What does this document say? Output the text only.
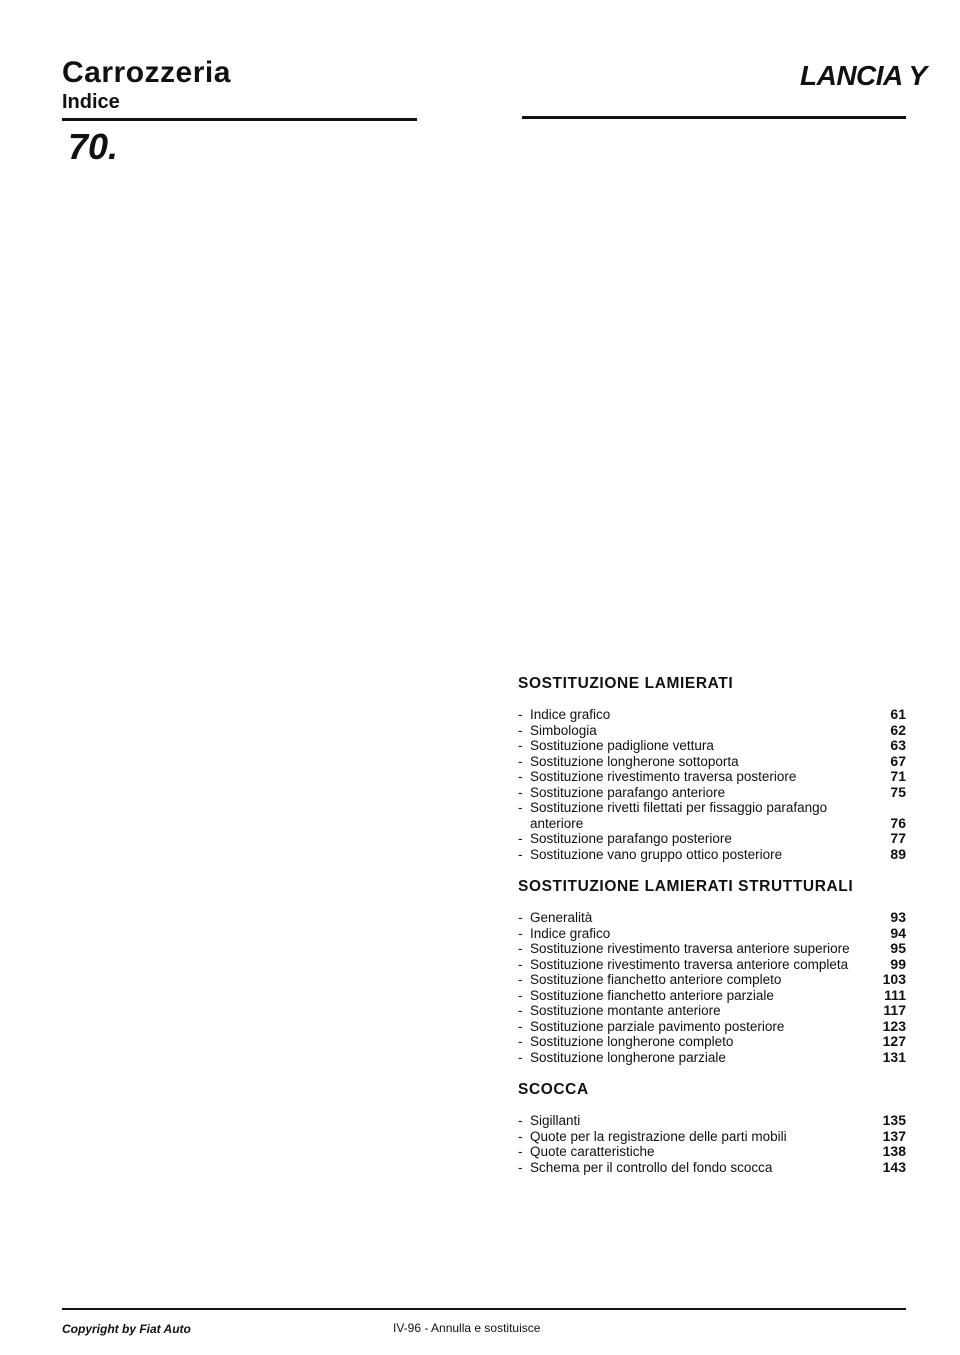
Carrozzeria
Indice
70.
LANCIA Y
SOSTITUZIONE LAMIERATI
- Indice grafico	61
- Simbologia	62
- Sostituzione padiglione vettura	63
- Sostituzione longherone sottoporta	67
- Sostituzione rivestimento traversa posteriore	71
- Sostituzione parafango anteriore	75
- Sostituzione rivetti filettati per fissaggio parafango anteriore	76
- Sostituzione parafango posteriore	77
- Sostituzione vano gruppo ottico posteriore	89
SOSTITUZIONE LAMIERATI STRUTTURALI
- Generalità	93
- Indice grafico	94
- Sostituzione rivestimento traversa anteriore superiore	95
- Sostituzione rivestimento traversa anteriore completa	99
- Sostituzione fianchetto anteriore completo	103
- Sostituzione fianchetto anteriore parziale	111
- Sostituzione montante anteriore	117
- Sostituzione parziale pavimento posteriore	123
- Sostituzione longherone completo	127
- Sostituzione longherone parziale	131
SCOCCA
- Sigillanti	135
- Quote per la registrazione delle parti mobili	137
- Quote caratteristiche	138
- Schema per il controllo del fondo scocca	143
Copyright by Fiat Auto	IV-96 - Annulla e sostituisce
